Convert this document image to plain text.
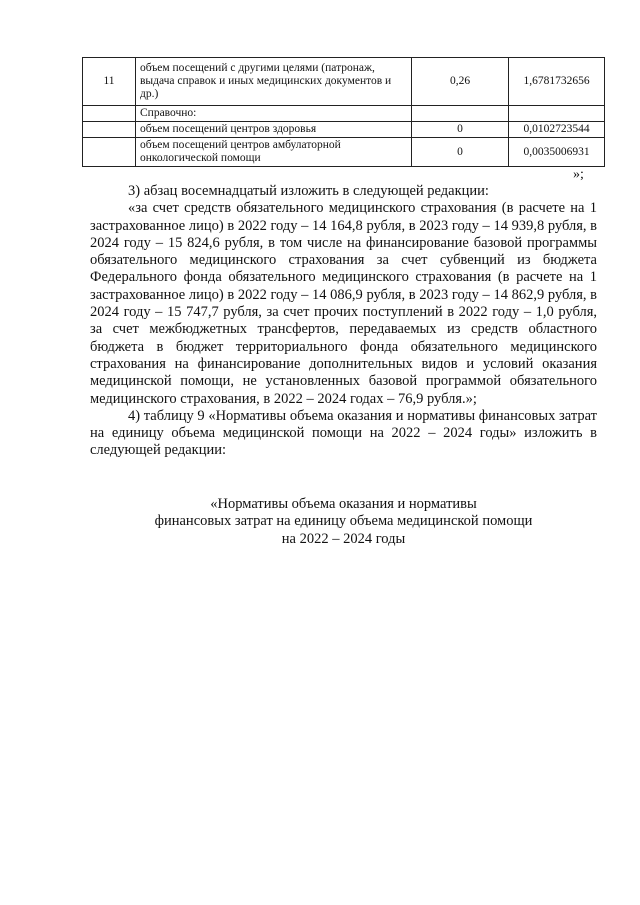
11	объем посещений с другими целями (патронаж, выдача справок и иных медицинских документов и др.)	0,26	1,6781732656
	Справочно:		
	объем посещений центров здоровья	0	0,0102723544
	объем посещений центров амбулаторной онкологической помощи	0	0,0035006931
»;

3) абзац восемнадцатый изложить в следующей редакции:

«за счет средств обязательного медицинского страхования (в расчете на 1 застрахованное лицо) в 2022 году – 14 164,8 рубля, в 2023 году – 14 939,8 рубля, в 2024 году – 15 824,6 рубля, в том числе на финансирование базовой программы обязательного медицинского страхования за счет субвенций из бюджета Федерального фонда обязательного медицинского страхования (в расчете на 1 застрахованное лицо) в 2022 году – 14 086,9 рубля, в 2023 году – 14 862,9 рубля, в 2024 году – 15 747,7 рубля, за счет прочих поступлений в 2022 году – 1,0 рубля, за счет межбюджетных трансфертов, передаваемых из средств областного бюджета в бюджет территориального фонда обязательного медицинского страхования на финансирование дополнительных видов и условий оказания медицинской помощи, не установленных базовой программой обязательного медицинского страхования, в 2022 – 2024 годах – 76,9 рубля.»;

4) таблицу 9 «Нормативы объема оказания и нормативы финансовых затрат на единицу объема медицинской помощи на 2022 – 2024 годы» изложить в следующей редакции:

«Нормативы объема оказания и нормативы
финансовых затрат на единицу объема медицинской помощи
на 2022 – 2024 годы
